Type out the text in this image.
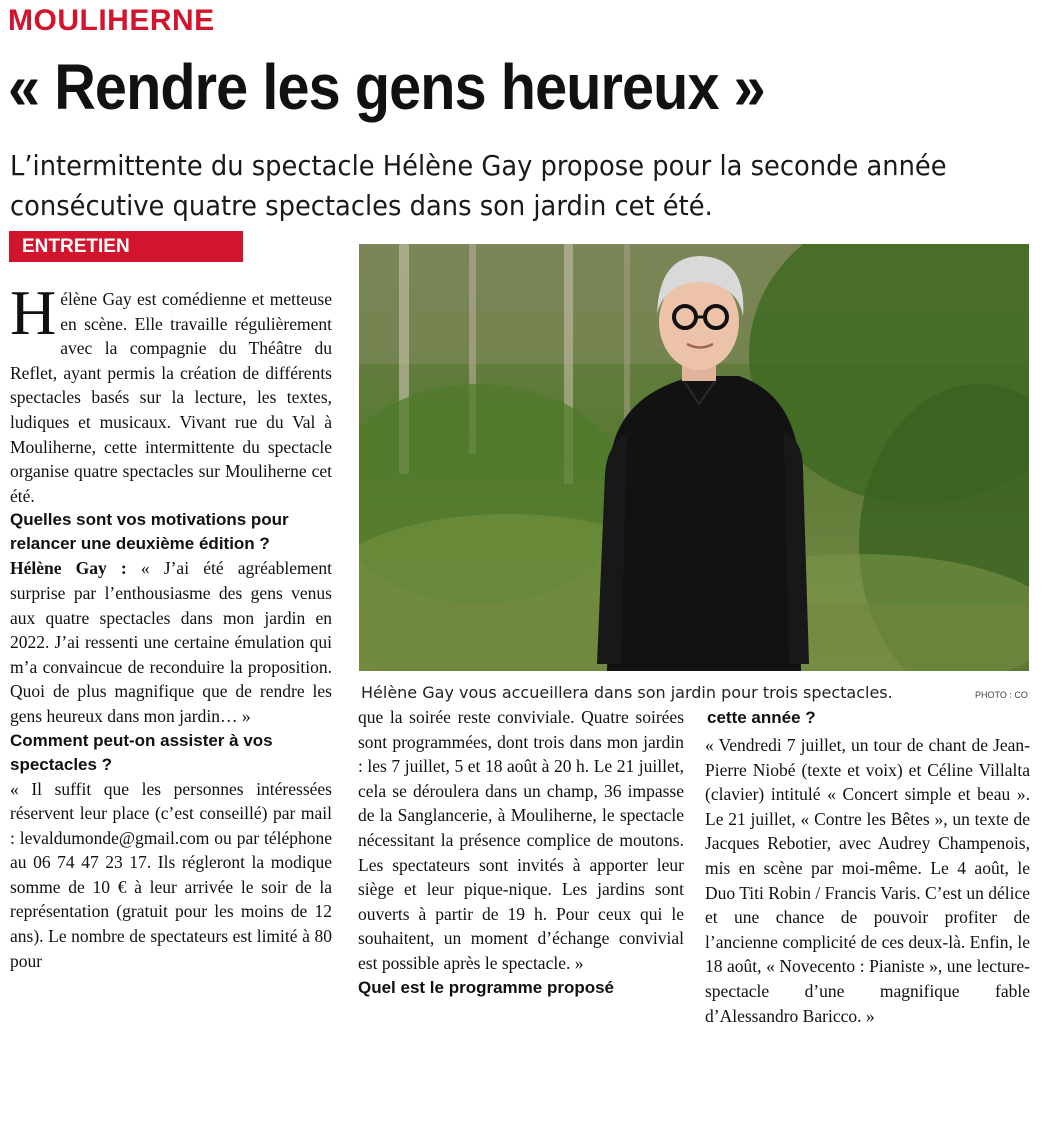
MOULIHERNE
« Rendre les gens heureux »
L’intermittente du spectacle Hélène Gay propose pour la seconde année consécutive quatre spectacles dans son jardin cet été.
ENTRETIEN

Hélène Gay est comédienne et metteuse en scène. Elle travaille régulièrement avec la compagnie du Théâtre du Reflet, ayant permis la création de différents spectacles basés sur la lecture, les textes, ludiques et musicaux. Vivant rue du Val à Mouliherne, cette intermittente du spectacle organise quatre spectacles sur Mouliherne cet été.

Quelles sont vos motivations pour relancer une deuxième édition ?

Hélène Gay : « J’ai été agréablement surprise par l’enthousiasme des gens venus aux quatre spectacles dans mon jardin en 2022. J’ai ressenti une certaine émulation qui m’a convaincue de reconduire la proposition. Quoi de plus magnifique que de rendre les gens heureux dans mon jardin… »

Comment peut-on assister à vos spectacles ?

« Il suffit que les personnes intéressées réservent leur place (c’est conseillé) par mail : levaldumonde@gmail.com ou par téléphone au 06 74 47 23 17. Ils régleront la modique somme de 10 € à leur arrivée le soir de la représentation (gratuit pour les moins de 12 ans). Le nombre de spectateurs est limité à 80 pour

Hélène Gay vous accueillera dans son jardin pour trois spectacles.	PHOTO : CO

que la soirée reste conviviale. Quatre soirées sont programmées, dont trois dans mon jardin : les 7 juillet, 5 et 18 août à 20 h. Le 21 juillet, cela se déroulera dans un champ, 36 impasse de la Sanglancerie, à Mouliherne, le spectacle nécessitant la présence complice de moutons. Les spectateurs sont invités à apporter leur siège et leur pique-nique. Les jardins sont ouverts à partir de 19 h. Pour ceux qui le souhaitent, un moment d’échange convivial est possible après le spectacle. »

Quel est le programme proposé

cette année ?

« Vendredi 7 juillet, un tour de chant de Jean-Pierre Niobé (texte et voix) et Céline Villalta (clavier) intitulé « Concert simple et beau ». Le 21 juillet, « Contre les Bêtes », un texte de Jacques Rebotier, avec Audrey Champenois, mis en scène par moi-même. Le 4 août, le Duo Titi Robin / Francis Varis. C’est un délice et une chance de pouvoir profiter de l’ancienne complicité de ces deux-là. Enfin, le 18 août, « Novecento : Pianiste », une lecture-spectacle d’une magnifique fable d’Alessandro Baricco. »
